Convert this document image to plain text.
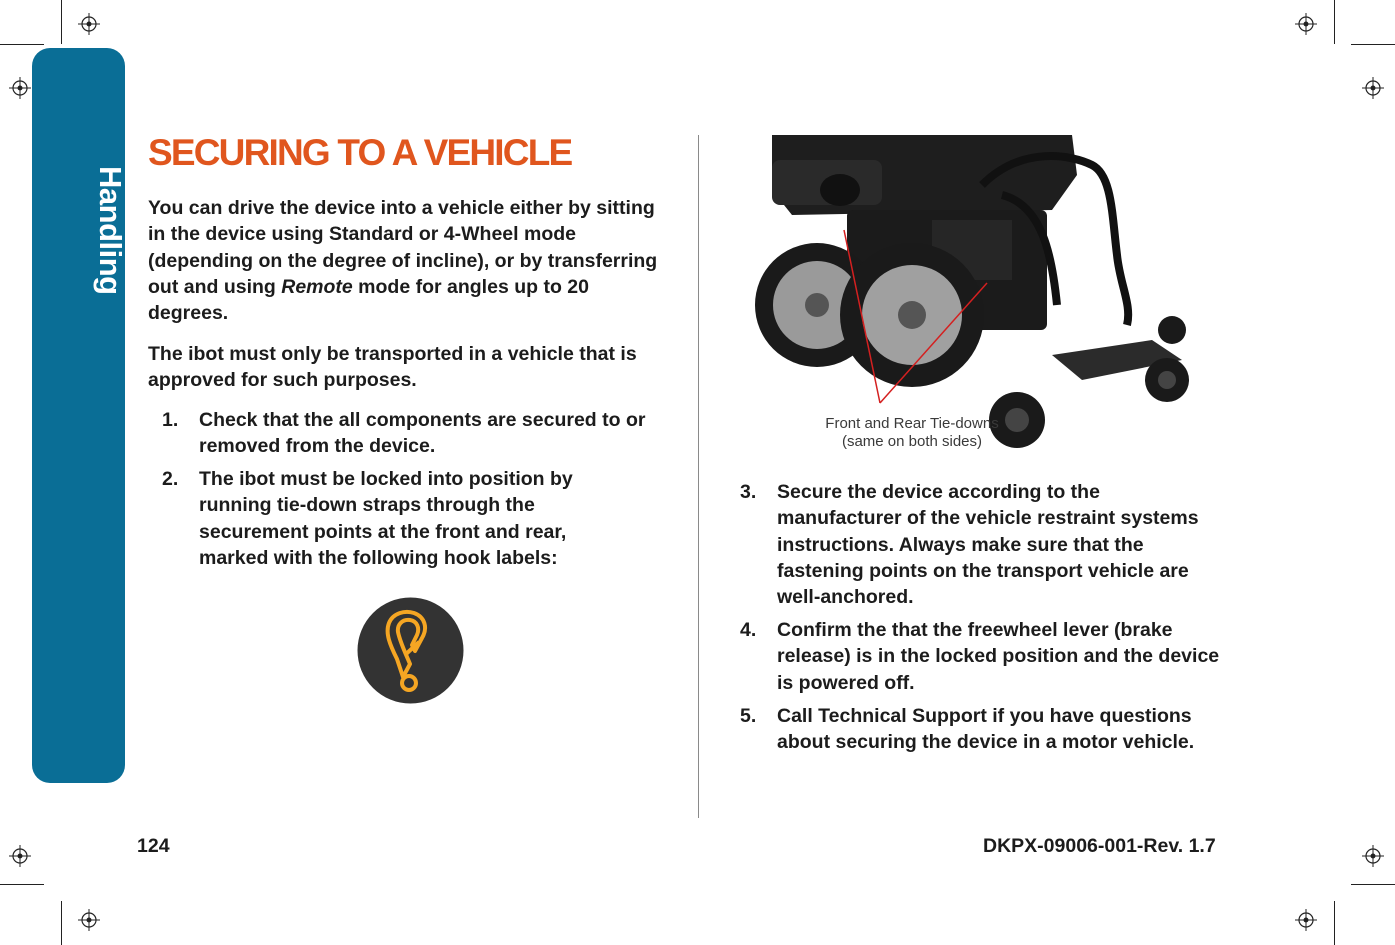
Handling
SECURING TO A VEHICLE
You can drive the device into a vehicle either by sitting in the device using Standard or 4-Wheel mode (depending on the degree of incline), or by transferring out and using Remote mode for angles up to 20 degrees.
The ibot must only be transported in a vehicle that is approved for such purposes.
1. Check that the all components are secured to or removed from the device.
2. The ibot must be locked into position by running tie-down straps through the securement points at the front and rear, marked with the following hook labels:
Front and Rear Tie-downs
(same on both sides)
3. Secure the device according to the manufacturer of the vehicle restraint systems instructions. Always make sure that the fastening points on the transport vehicle are well-anchored.
4. Confirm the that the freewheel lever (brake release) is in the locked position and the device is powered off.
5. Call Technical Support if you have questions about securing the device in a motor vehicle.
124	DKPX-09006-001-Rev. 1.7
